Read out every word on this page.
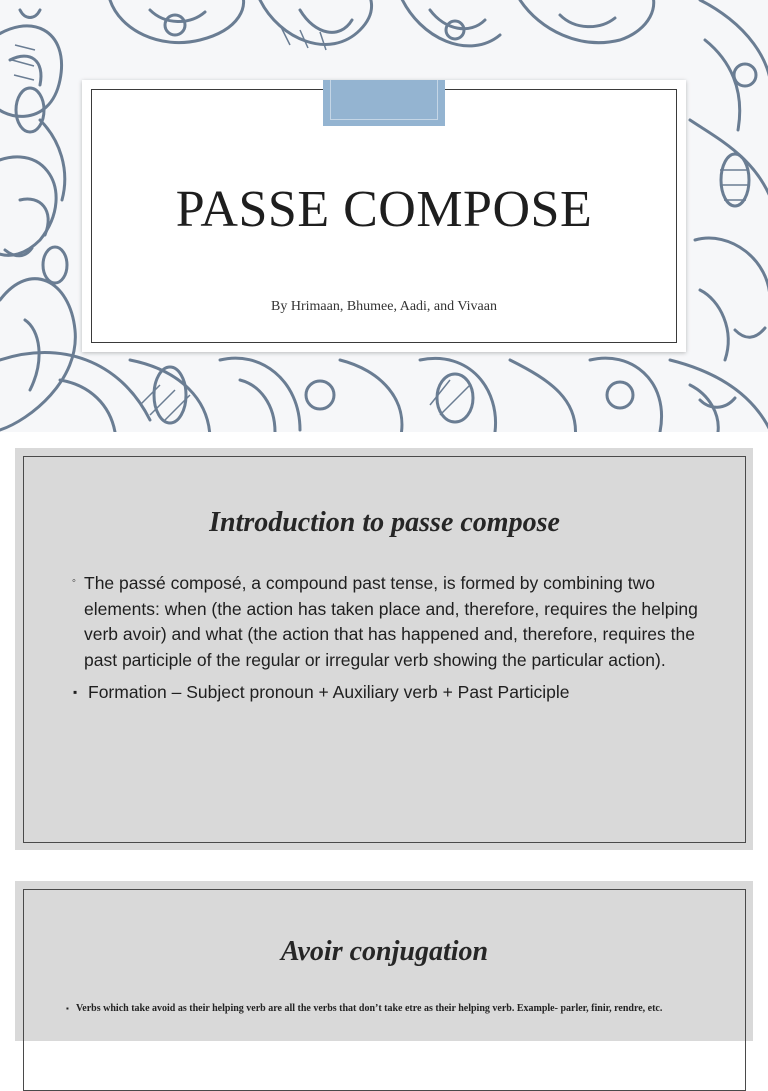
PASSE COMPOSE
By Hrimaan, Bhumee, Aadi, and Vivaan
Introduction to passe compose
◦ The passé composé, a compound past tense, is formed by combining two elements: when (the action has taken place and, therefore, requires the helping verb avoir) and what (the action that has happened and, therefore, requires the past participle of the regular or irregular verb showing the particular action).
▪ Formation – Subject pronoun + Auxiliary verb + Past Participle
Avoir conjugation
▪ Verbs which take avoid as their helping verb are all the verbs that don’t take etre as their helping verb. Example- parler, finir, rendre, etc.
